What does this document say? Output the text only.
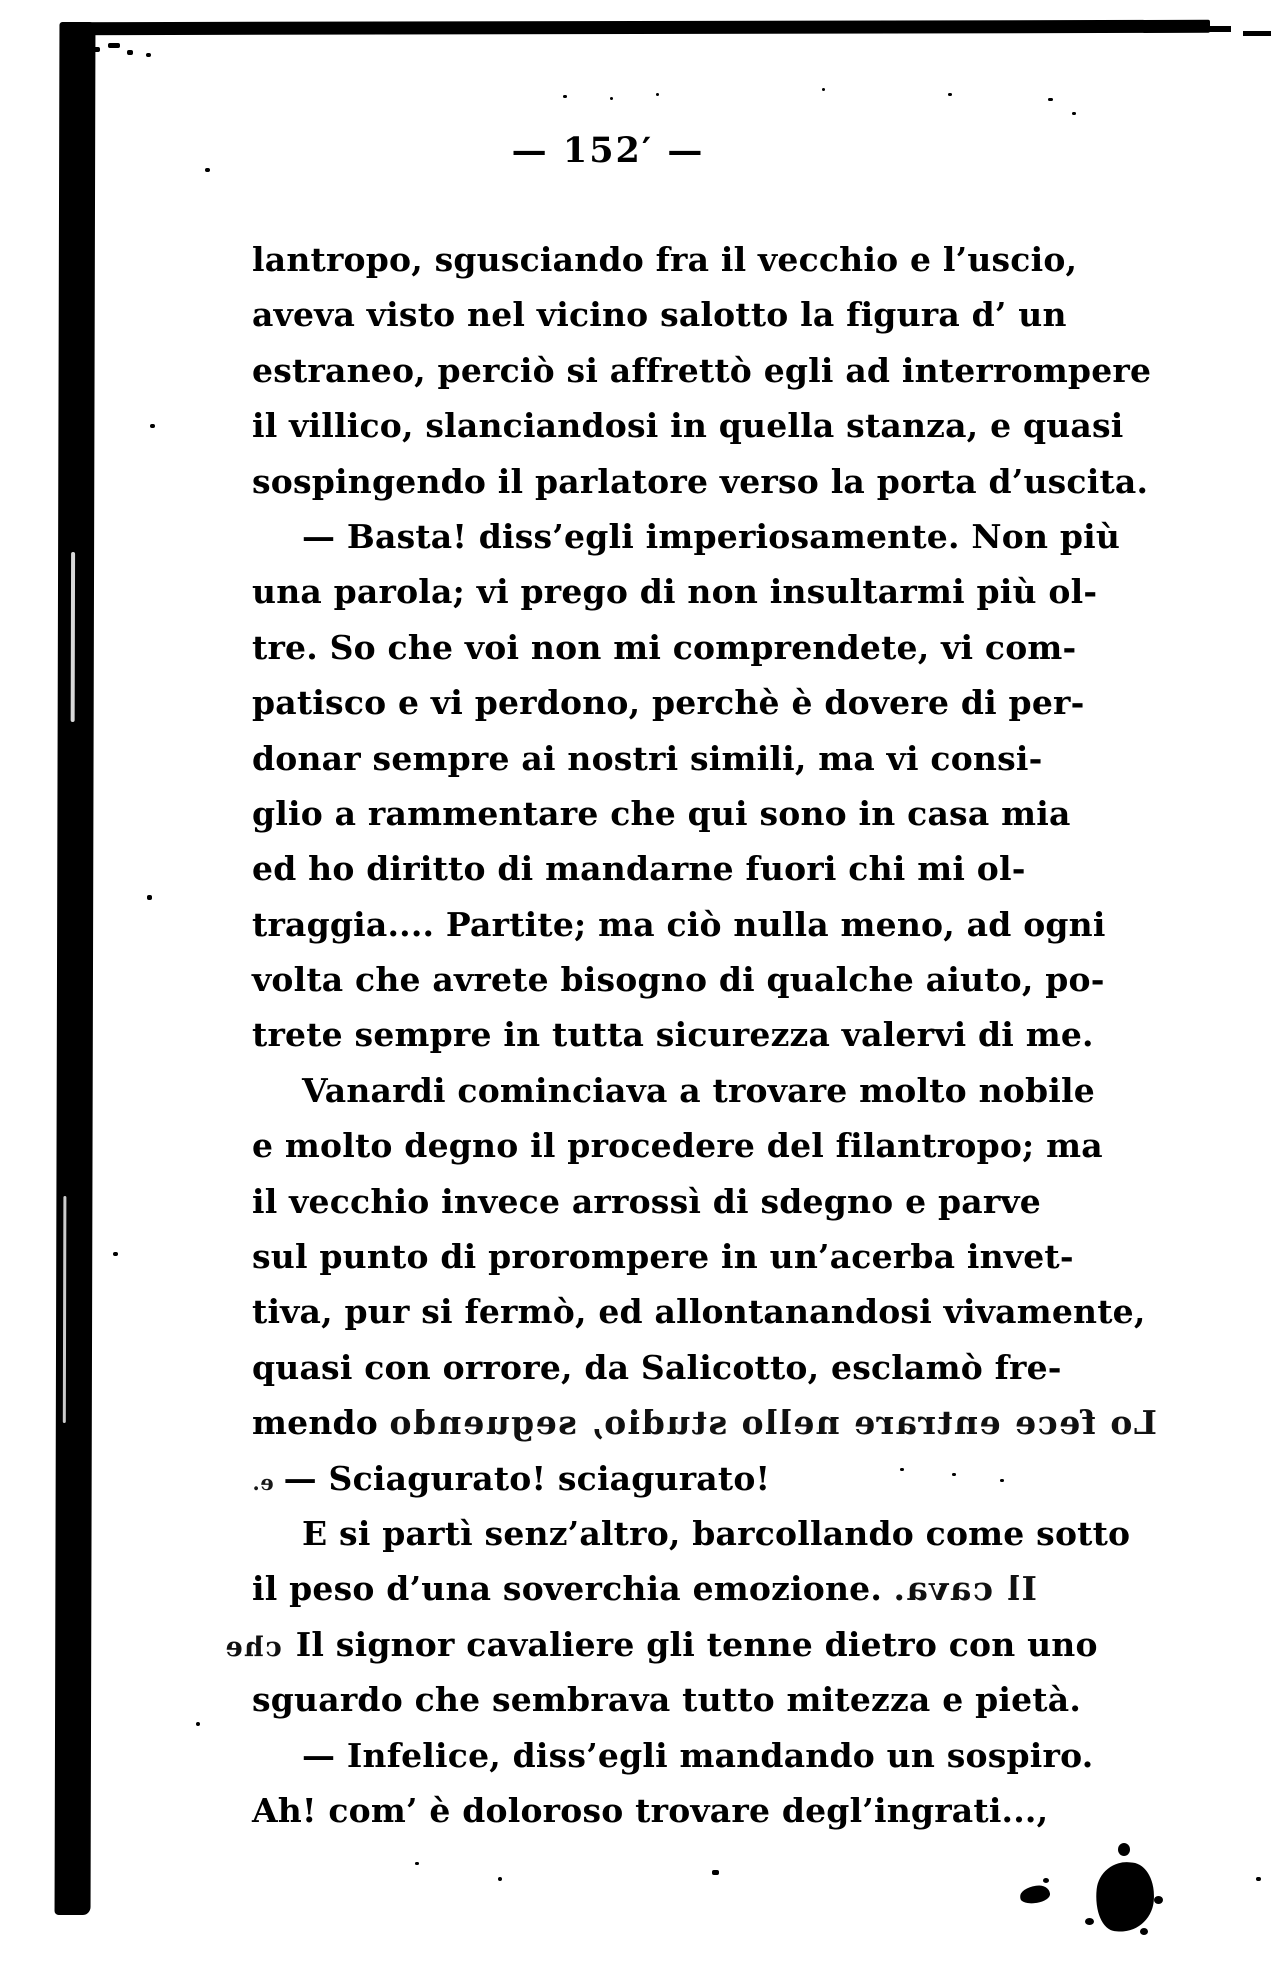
— 152′ —
lantropo, sgusciando fra il vecchio e l’uscio,
aveva visto nel vicino salotto la figura d’ un
estraneo, perciò si affrettò egli ad interrompere
il villico, slanciandosi in quella stanza, e quasi
sospingendo il parlatore verso la porta d’uscita.
— Basta! diss’egli imperiosamente. Non più
una parola; vi prego di non insultarmi più ol-
tre. So che voi non mi comprendete, vi com-
patisco e vi perdono, perchè è dovere di per-
donar sempre ai nostri simili, ma vi consi-
glio a rammentare che qui sono in casa mia
ed ho diritto di mandarne fuori chi mi ol-
traggia.... Partite; ma ciò nulla meno, ad ogni
volta che avrete bisogno di qualche aiuto, po-
trete sempre in tutta sicurezza valervi di me.
Vanardi cominciava a trovare molto nobile
e molto degno il procedere del filantropo; ma
il vecchio invece arrossì di sdegno e parve
sul punto di prorompere in un’acerba invet-
tiva, pur si fermò, ed allontanandosi vivamente,
quasi con orrore, da Salicotto, esclamò fre-
mendo Lo fece entrare nello studio, seguendo
e. — Sciagurato! sciagurato!
E si partì senz’altro, barcollando come sotto
il peso d’una soverchia emozione. Il cava.
che Il signor cavaliere gli tenne dietro con uno
sguardo che sembrava tutto mitezza e pietà.
— Infelice, diss’egli mandando un sospiro.
Ah! com’ è doloroso trovare degl’ingrati...,
